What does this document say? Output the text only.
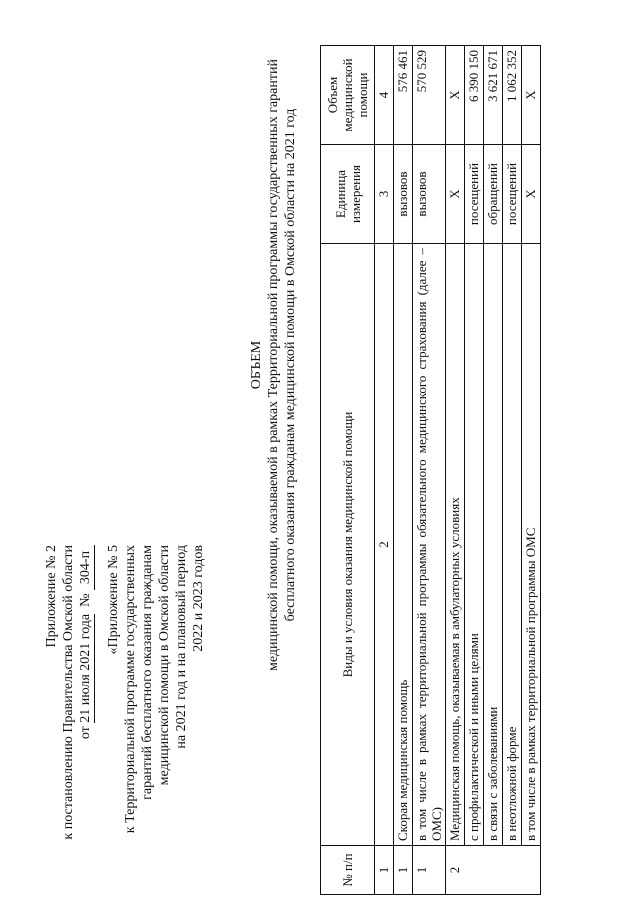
Приложение № 2 к постановлению Правительства Омской области от 21 июля 2021 года  № 304-п «Приложение № 5 к Территориальной программе государственных гарантий бесплатного оказания гражданам медицинской помощи в Омской области на 2021 год и на плановый период 2022 и 2023 годов
ОБЪЕМ медицинской помощи, оказываемой в рамках Территориальной программы государственных гарантий бесплатного оказания гражданам медицинской помощи в Омской области на 2021 год
№ п/п	Виды и условия оказания медицинской помощи	Единица измерения	Объем медицинской помощи
1	2	3	4
1	Скорая медицинская помощь	вызовов	576 461
1	в том числе в рамках территориальной программы обязательного медицинского страхования (далее – ОМС)	вызовов	570 529
2	Медицинская помощь, оказываемая в амбулаторных условиях	Х	Х
	с профилактической и иными целями	посещений	6 390 150
	в связи с заболеваниями	обращений	3 621 671
	в неотложной форме	посещений	1 062 352
	в том числе в рамках территориальной программы ОМС	Х	Х
